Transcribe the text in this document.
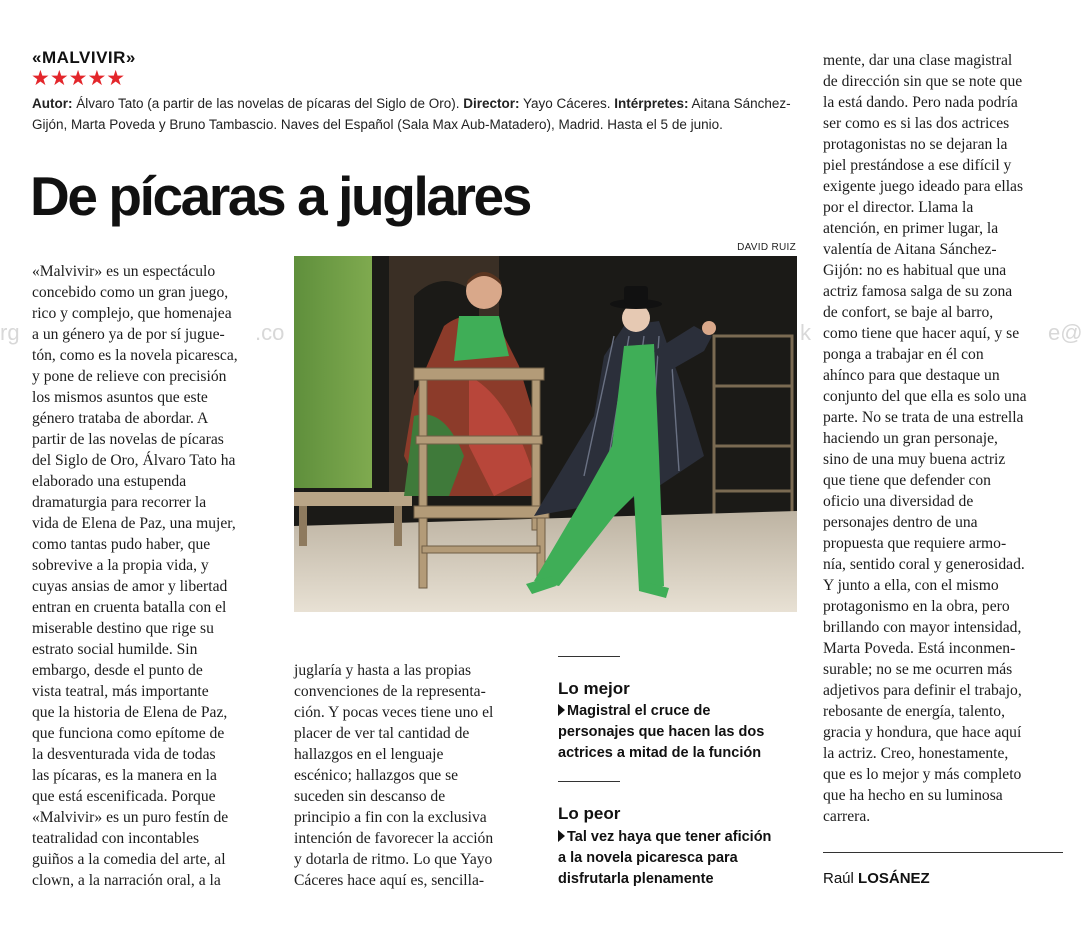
«MALVIVIR»
★★★★★
Autor: Álvaro Tato (a partir de las novelas de pícaras del Siglo de Oro). Director: Yayo Cáceres. Intérpretes: Aitana Sánchez-Gijón, Marta Poveda y Bruno Tambascio. Naves del Español (Sala Max Aub-Matadero), Madrid. Hasta el 5 de junio.
De pícaras a juglares
DAVID RUIZ
rg	.co	k	e@

«Malvivir» es un espectáculo

concebido como un gran juego,

rico y complejo, que homenajea

a un género ya de por sí jugue-

tón, como es la novela picaresca,

y pone de relieve con precisión

los mismos asuntos que este

género trataba de abordar. A

partir de las novelas de pícaras

del Siglo de Oro, Álvaro Tato ha

elaborado una estupenda

dramaturgia para recorrer la

vida de Elena de Paz, una mujer,

como tantas pudo haber, que

sobrevive a la propia vida, y

cuyas ansias de amor y libertad

entran en cruenta batalla con el

miserable destino que rige su

estrato social humilde. Sin

embargo, desde el punto de

vista teatral, más importante

que la historia de Elena de Paz,

que funciona como epítome de

la desventurada vida de todas

las pícaras, es la manera en la

que está escenificada. Porque

«Malvivir» es un puro festín de

teatralidad con incontables

guiños a la comedia del arte, al

clown, a la narración oral, a la

juglaría y hasta a las propias

convenciones de la representa-

ción. Y pocas veces tiene uno el

placer de ver tal cantidad de

hallazgos en el lenguaje

escénico; hallazgos que se

suceden sin descanso de

principio a fin con la exclusiva

intención de favorecer la acción

y dotarla de ritmo. Lo que Yayo

Cáceres hace aquí es, sencilla-

mente, dar una clase magistral

de dirección sin que se note que

la está dando. Pero nada podría

ser como es si las dos actrices

protagonistas no se dejaran la

piel prestándose a ese difícil y

exigente juego ideado para ellas

por el director. Llama la

atención, en primer lugar, la

valentía de Aitana Sánchez-

Gijón: no es habitual que una

actriz famosa salga de su zona

de confort, se baje al barro,

como tiene que hacer aquí, y se

ponga a trabajar en él con

ahínco para que destaque un

conjunto del que ella es solo una

parte. No se trata de una estrella

haciendo un gran personaje,

sino de una muy buena actriz

que tiene que defender con

oficio una diversidad de

personajes dentro de una

propuesta que requiere armo-

nía, sentido coral y generosidad.

Y junto a ella, con el mismo

protagonismo en la obra, pero

brillando con mayor intensidad,

Marta Poveda. Está inconmen-

surable; no se me ocurren más

adjetivos para definir el trabajo,

rebosante de energía, talento,

gracia y hondura, que hace aquí

la actriz. Creo, honestamente,

que es lo mejor y más completo

que ha hecho en su luminosa

carrera.

Lo mejor

Magistral el cruce de

personajes que hacen las dos

actrices a mitad de la función

Lo peor

Tal vez haya que tener afición

a la novela picaresca para

disfrutarla plenamente	Raúl LOSÁNEZ
